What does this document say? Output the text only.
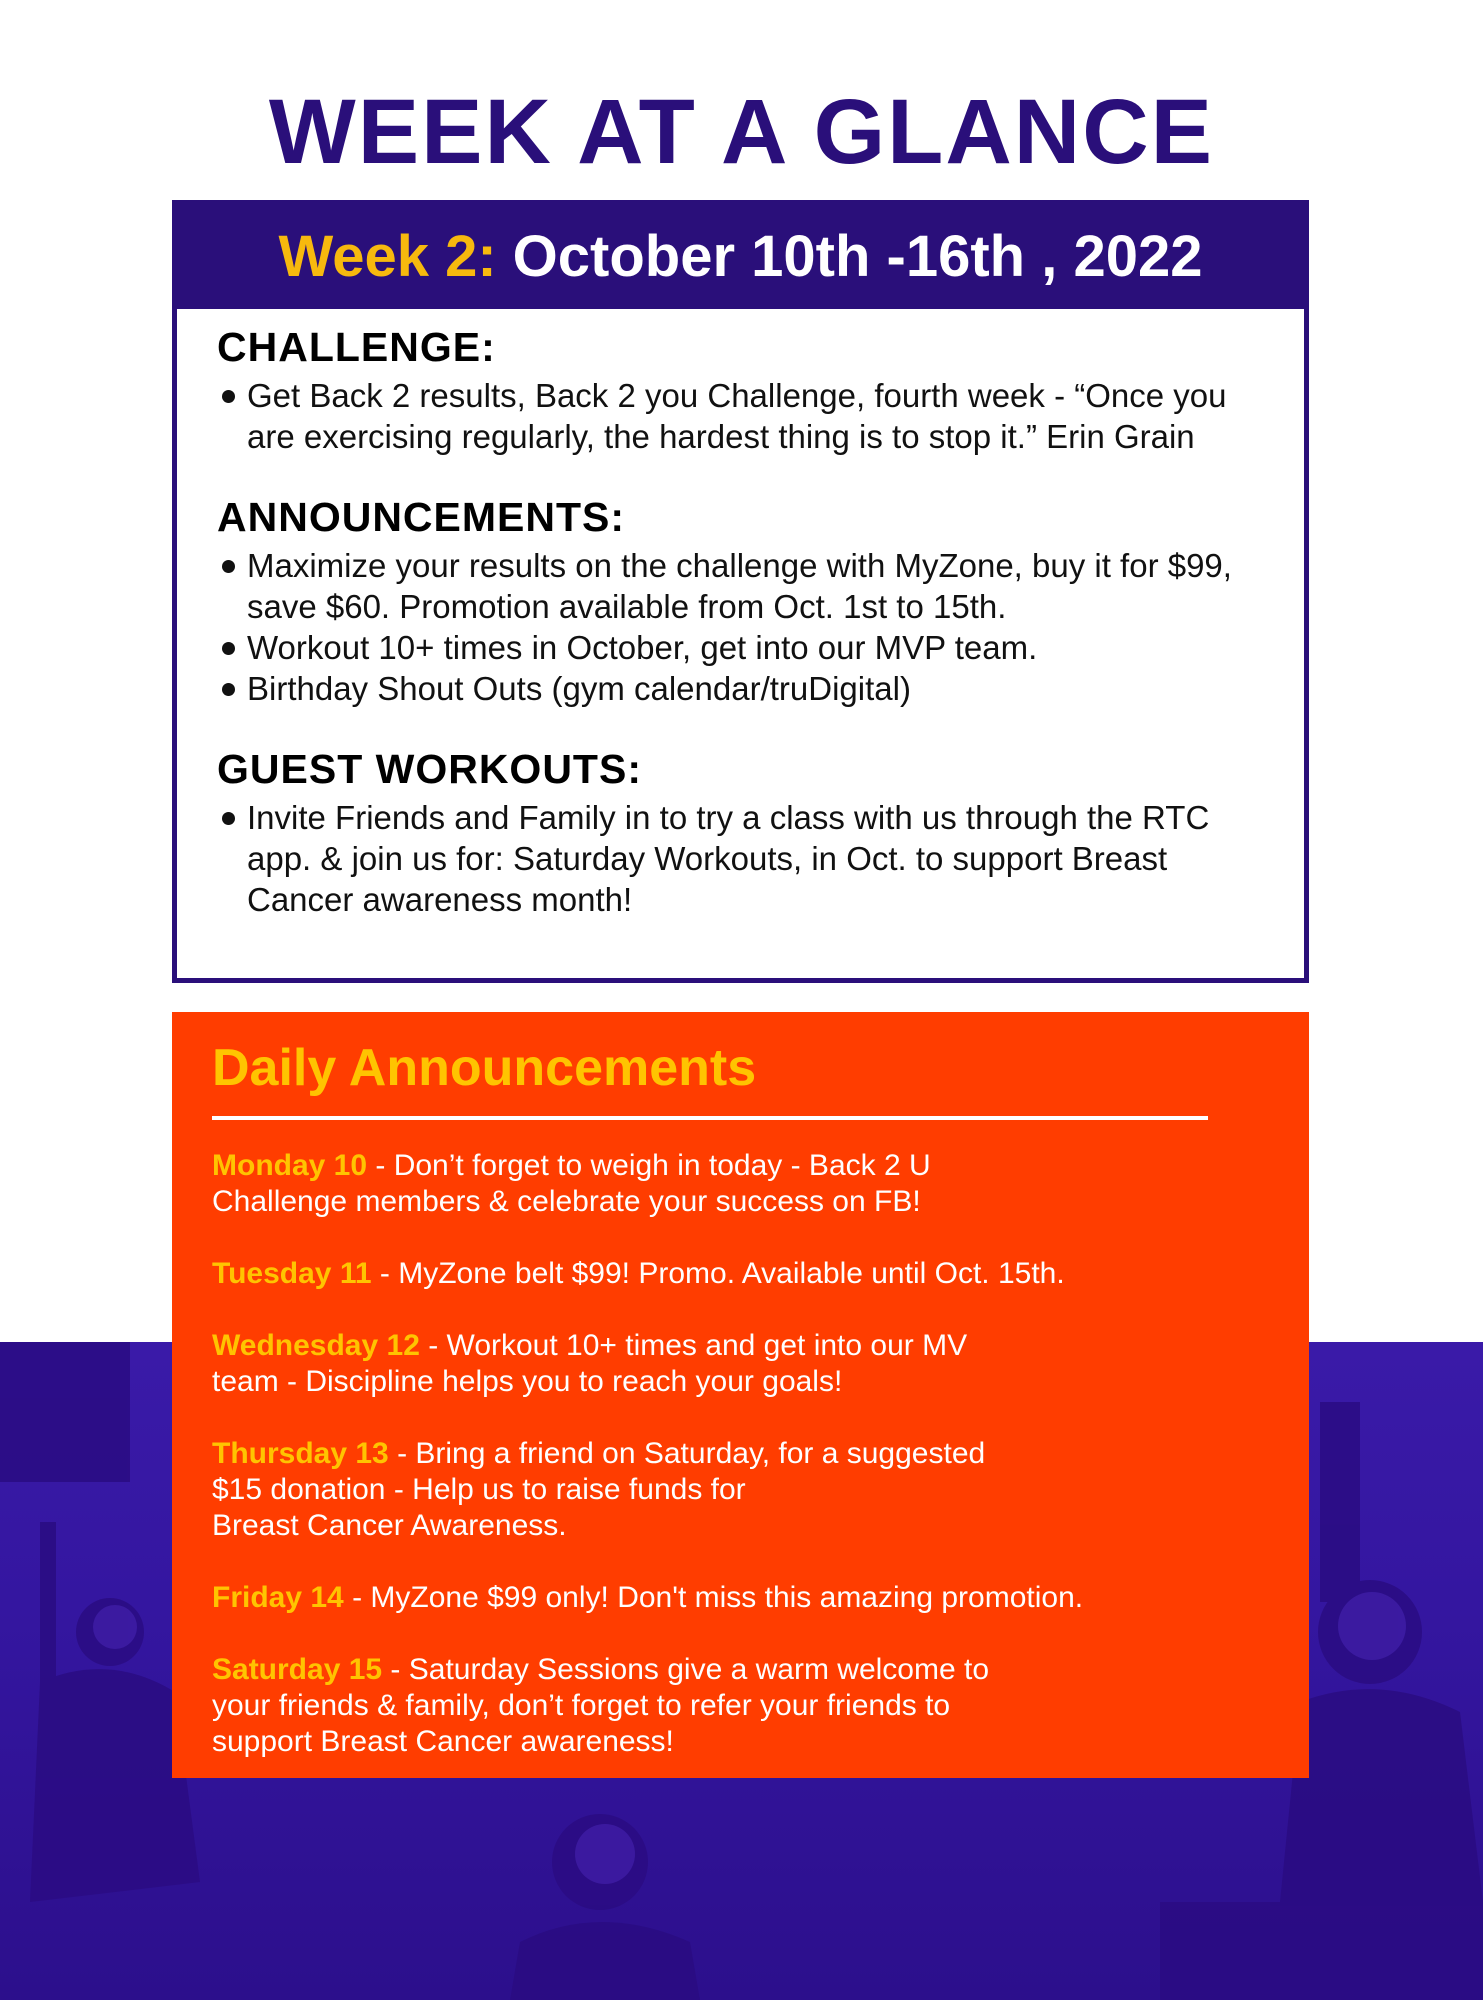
WEEK AT A GLANCE
Week 2: October 10th -16th , 2022
CHALLENGE:
Get Back 2 results, Back 2 you Challenge, fourth week - “Once you are exercising regularly, the hardest thing is to stop it.” Erin Grain
ANNOUNCEMENTS:
Maximize your results on the challenge with MyZone, buy it for $99, save $60. Promotion available from Oct. 1st to 15th.
Workout 10+ times in October, get into our MVP team.
Birthday Shout Outs (gym calendar/truDigital)
GUEST WORKOUTS:
Invite Friends and Family in to try a class with us through the RTC app. & join us for: Saturday Workouts, in Oct. to support Breast Cancer awareness month!
Daily Announcements
Monday 10 - Don’t forget to weigh in today - Back 2 U
Challenge members & celebrate your success on FB!
Tuesday 11 - MyZone belt $99! Promo. Available until Oct. 15th.
Wednesday 12 - Workout 10+ times and get into our MV
team - Discipline helps you to reach your goals!
Thursday 13 - Bring a friend on Saturday, for a suggested
$15 donation - Help us to raise funds for
Breast Cancer Awareness.
Friday 14 - MyZone $99 only! Don't miss this amazing promotion.
Saturday 15 - Saturday Sessions give a warm welcome to
your friends & family, don’t forget to refer your friends to
support Breast Cancer awareness!
